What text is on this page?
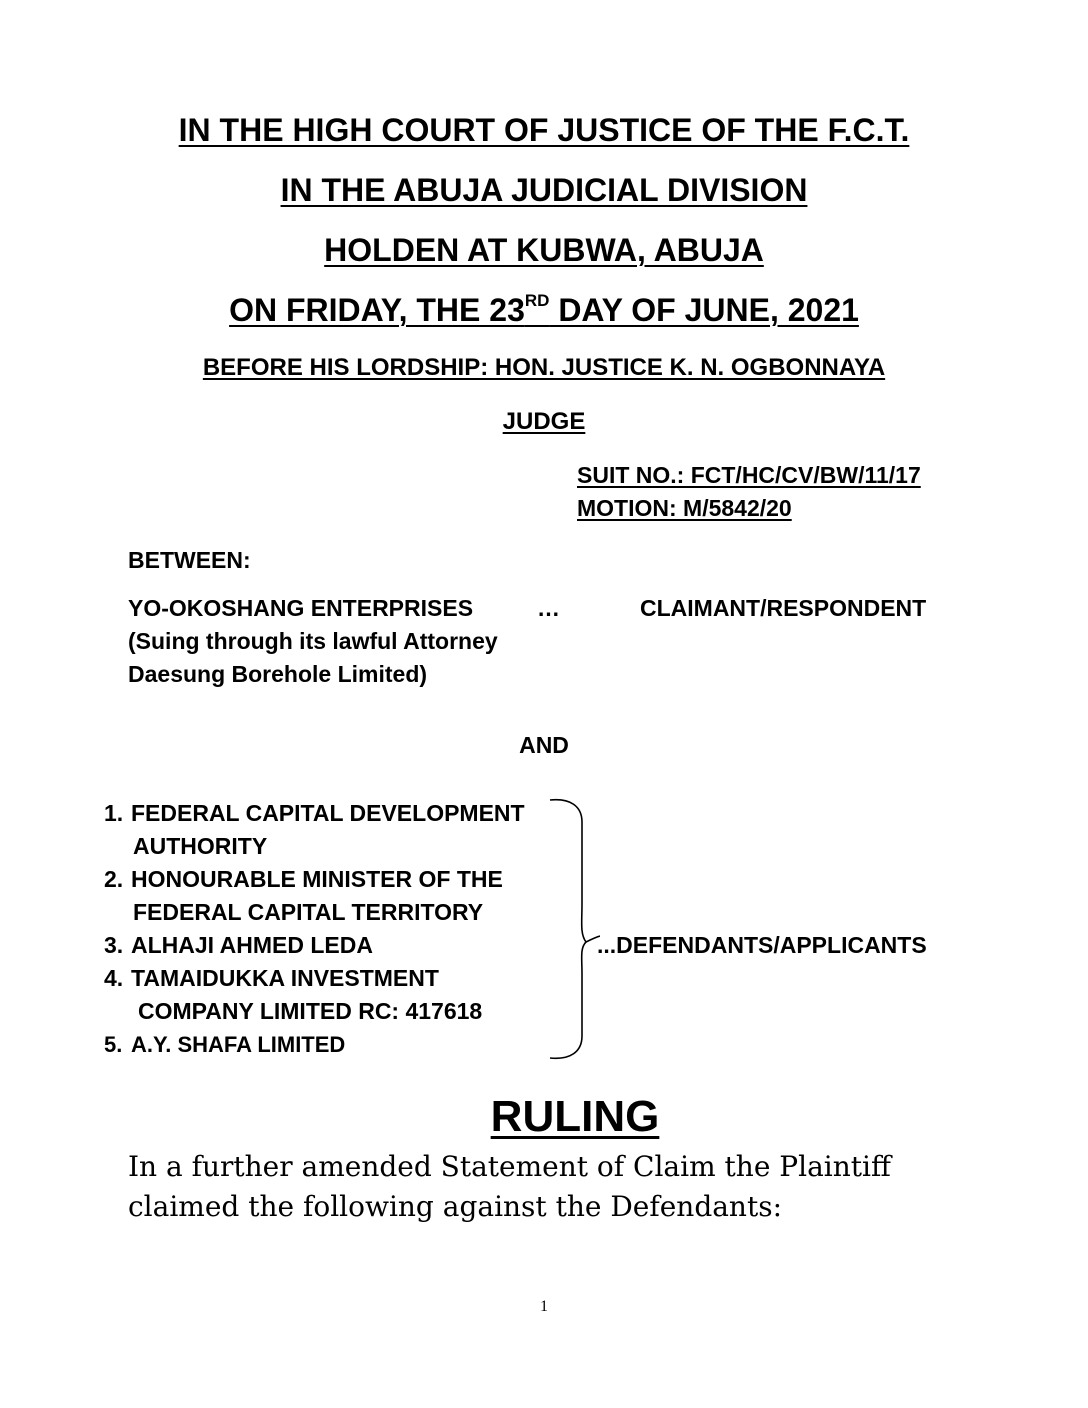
IN THE HIGH COURT OF JUSTICE OF THE F.C.T.
IN THE ABUJA JUDICIAL DIVISION
HOLDEN AT KUBWA, ABUJA
ON FRIDAY, THE 23RD DAY OF JUNE, 2021
BEFORE HIS LORDSHIP: HON. JUSTICE K. N. OGBONNAYA
JUDGE
SUIT NO.: FCT/HC/CV/BW/11/17
MOTION: M/5842/20
BETWEEN:
YO-OKOSHANG ENTERPRISES	…	CLAIMANT/RESPONDENT
(Suing through its lawful Attorney
Daesung Borehole Limited)
AND
1. FEDERAL CAPITAL DEVELOPMENT
AUTHORITY
2. HONOURABLE MINISTER OF THE
FEDERAL CAPITAL TERRITORY
3. ALHAJI AHMED LEDA
4. TAMAIDUKKA INVESTMENT
COMPANY LIMITED RC: 417618
5. A.Y. SHAFA LIMITED
...DEFENDANTS/APPLICANTS
RULING
In a further amended Statement of Claim the Plaintiff
claimed the following against the Defendants:
1
